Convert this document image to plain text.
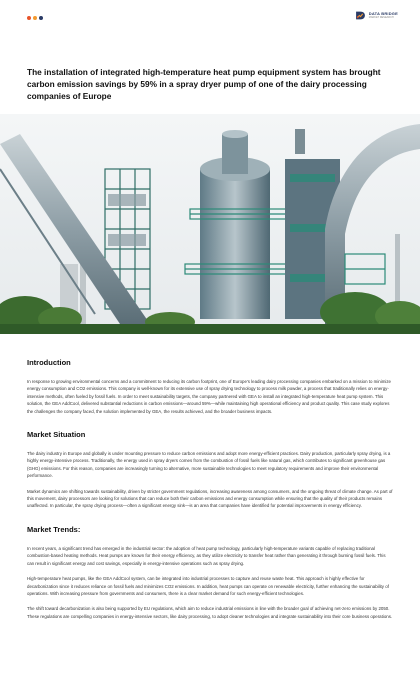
DATA BRIDGE
MARKET RESEARCH
The installation of integrated high-temperature heat pump equipment system has brought carbon emission savings by 59% in a spray dryer pump of one of the dairy processing companies of Europe
Introduction

In response to growing environmental concerns and a commitment to reducing its carbon footprint, one of Europe's leading dairy processing companies embarked on a mission to minimize energy consumption and CO2 emissions. This company is well-known for its extensive use of spray drying technology to process milk powder, a process that traditionally relies on energy-intensive methods, often fueled by fossil fuels. In order to meet sustainability targets, the company partnered with GEA to install an integrated high-temperature heat pump system. This solution, the GEA AddCool, delivered substantial reductions in carbon emissions—around 59%—while maintaining high operational efficiency and product quality. This case study explores the challenges the company faced, the solution implemented by GEA, the results achieved, and the broader business impacts.

Market Situation

The dairy industry in Europe and globally is under mounting pressure to reduce carbon emissions and adopt more energy-efficient practices. Dairy production, particularly spray drying, is a highly energy-intensive process. Traditionally, the energy used in spray dryers comes from the combustion of fossil fuels like natural gas, which contributes to significant greenhouse gas (GHG) emissions. For this reason, companies are increasingly turning to alternative, more sustainable technologies to meet regulatory requirements and improve their environmental performance.

Market dynamics are shifting towards sustainability, driven by stricter government regulations, increasing awareness among consumers, and the ongoing threat of climate change. As part of this movement, dairy processors are looking for solutions that can reduce both their carbon emissions and energy consumption while ensuring that the quality of their products remains unaffected. In particular, the spray drying process—often a significant energy sink—is an area that companies have identified for potential improvements in energy efficiency.

Market Trends:

In recent years, a significant trend has emerged in the industrial sector: the adoption of heat pump technology, particularly high-temperature variants capable of replacing traditional combustion-based heating methods. Heat pumps are known for their energy efficiency, as they utilize electricity to transfer heat rather than generating it through burning fossil fuels. This can result in significant energy and cost savings, especially in energy-intensive operations such as spray drying.

High-temperature heat pumps, like the GEA AddCool system, can be integrated into industrial processes to capture and reuse waste heat. This approach is highly effective for decarbonization since it reduces reliance on fossil fuels and minimizes CO2 emissions. In addition, heat pumps can operate on renewable electricity, further enhancing the sustainability of operations. With increasing pressure from governments and consumers, there is a clear market demand for such energy-efficient technologies.

The shift toward decarbonization is also being supported by EU regulations, which aim to reduce industrial emissions in line with the broader goal of achieving net-zero emissions by 2050. These regulations are compelling companies in energy-intensive sectors, like dairy processing, to adopt cleaner technologies and integrate sustainability into their core business operations.
